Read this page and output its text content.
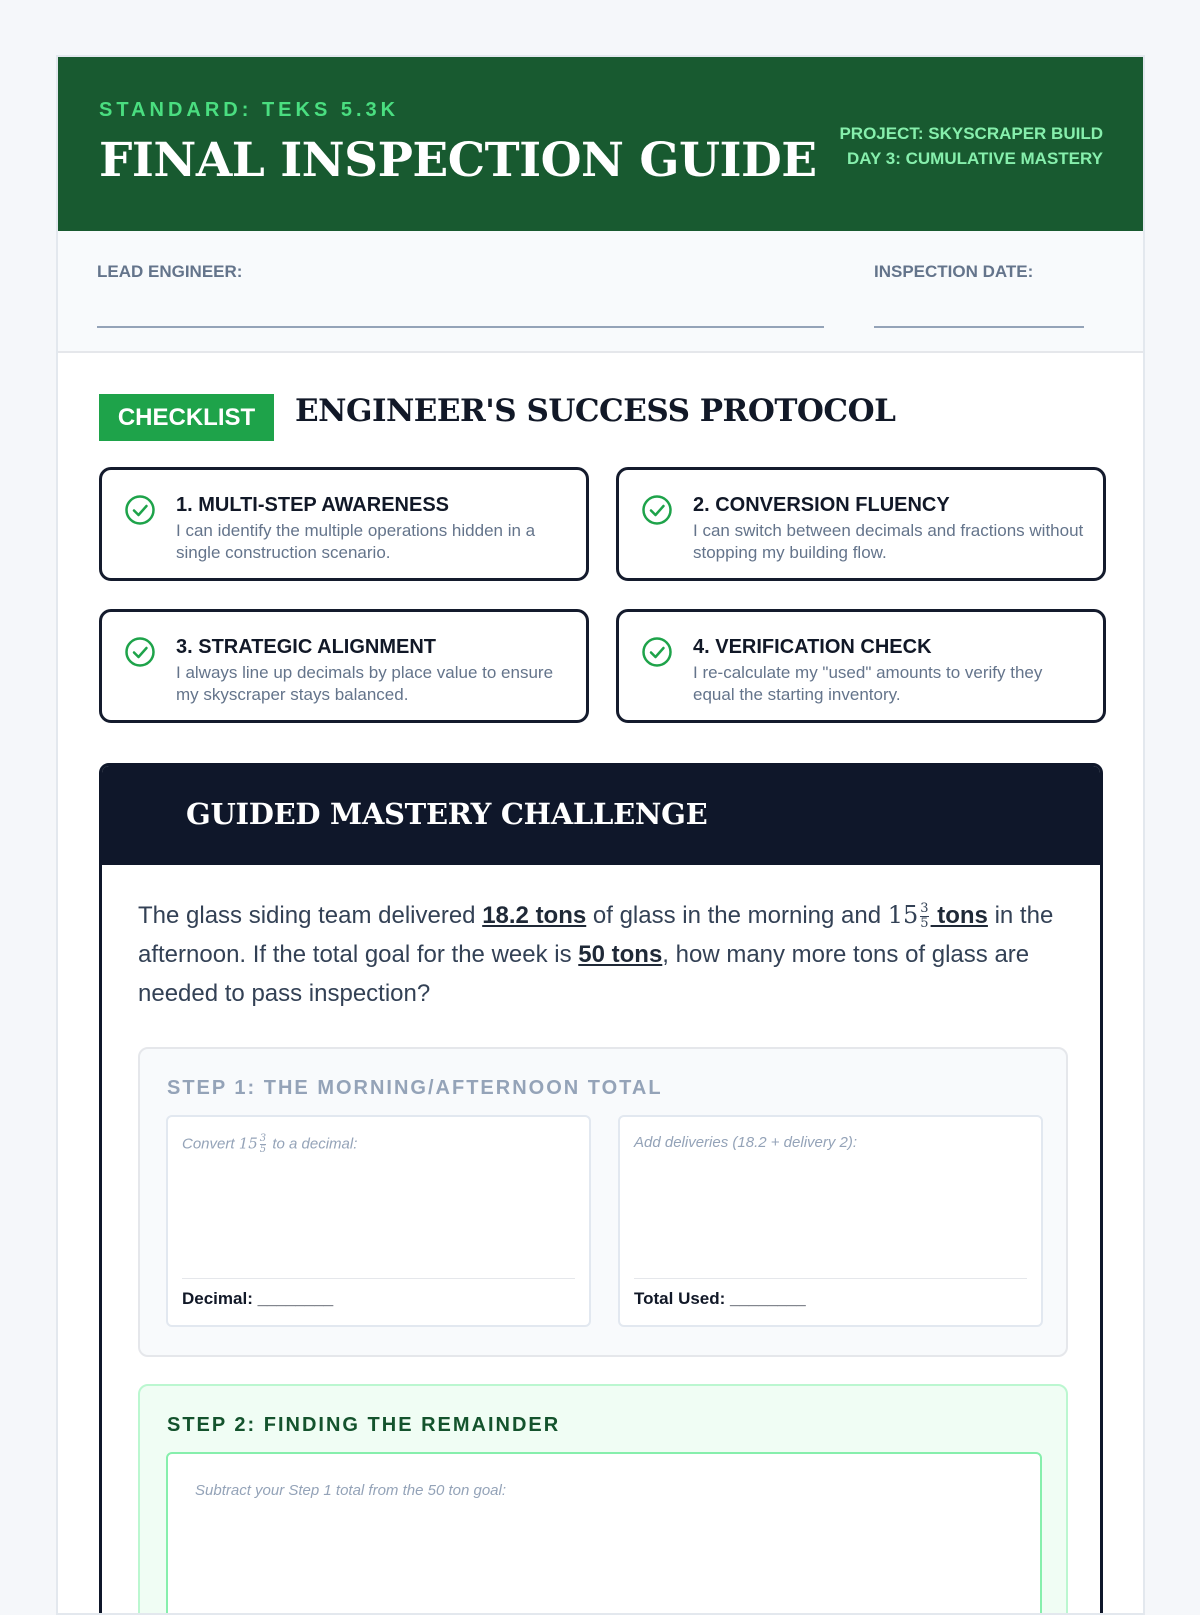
STANDARD: TEKS 5.3K
FINAL INSPECTION GUIDE PROJECT: SKYSCRAPER BUILD
DAY 3: CUMULATIVE MASTERY
LEAD ENGINEER:	INSPECTION DATE:
CHECKLIST	ENGINEER'S SUCCESS PROTOCOL
1. MULTI-STEP AWARENESS
I can identify the multiple operations hidden in a single construction scenario.
2. CONVERSION FLUENCY
I can switch between decimals and fractions without stopping my building flow.
3. STRATEGIC ALIGNMENT
I always line up decimals by place value to ensure my skyscraper stays balanced.
4. VERIFICATION CHECK
I re-calculate my "used" amounts to verify they equal the starting inventory.
GUIDED MASTERY CHALLENGE
The glass siding team delivered 18.2 tons of glass in the morning and $15 \frac{3}{5}$ tons in the afternoon. If the total goal for the week is 50 tons, how many more tons of glass are needed to pass inspection?
STEP 1: THE MORNING/AFTERNOON TOTAL
Convert $15 \frac{3}{5}$ to a decimal:
Decimal: ________
Add deliveries (18.2 + delivery 2):
Total Used: ________
STEP 2: FINDING THE REMAINDER
Subtract your Step 1 total from the 50 ton goal:
